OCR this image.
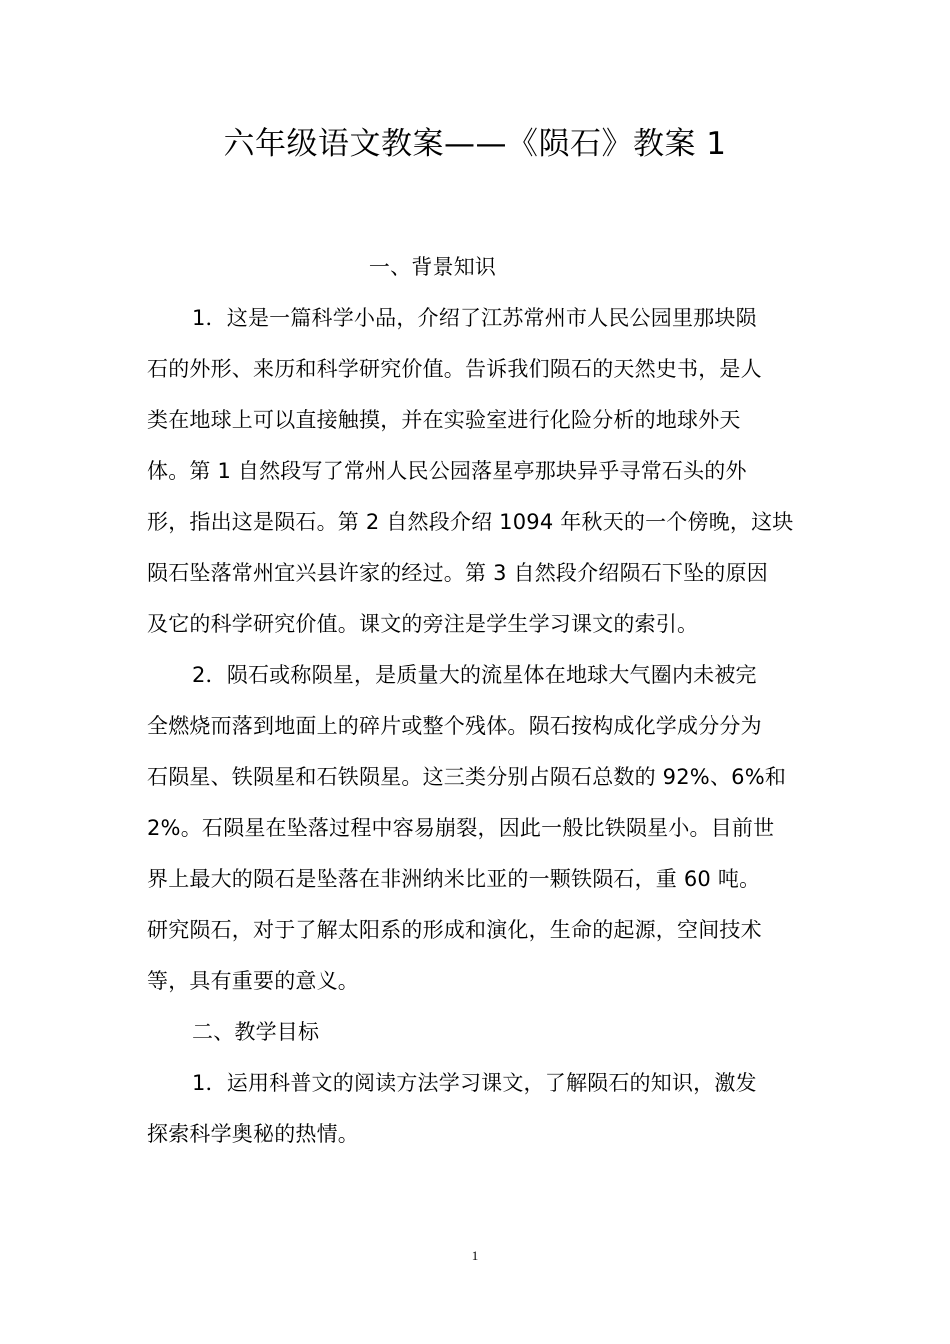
六年级语文教案——《陨石》教案 1
一、背景知识
1．这是一篇科学小品，介绍了江苏常州市人民公园里那块陨
石的外形、来历和科学研究价值。告诉我们陨石的天然史书，是人
类在地球上可以直接触摸，并在实验室进行化险分析的地球外天
体。第 1 自然段写了常州人民公园落星亭那块异乎寻常石头的外
形，指出这是陨石。第 2 自然段介绍 1094 年秋天的一个傍晚，这块
陨石坠落常州宜兴县许家的经过。第 3 自然段介绍陨石下坠的原因
及它的科学研究价值。课文的旁注是学生学习课文的索引。
2．陨石或称陨星，是质量大的流星体在地球大气圈内未被完
全燃烧而落到地面上的碎片或整个残体。陨石按构成化学成分分为
石陨星、铁陨星和石铁陨星。这三类分别占陨石总数的 92%、6%和
2%。石陨星在坠落过程中容易崩裂，因此一般比铁陨星小。目前世
界上最大的陨石是坠落在非洲纳米比亚的一颗铁陨石，重 60 吨。
研究陨石，对于了解太阳系的形成和演化，生命的起源，空间技术
等，具有重要的意义。
二、教学目标
1．运用科普文的阅读方法学习课文，了解陨石的知识，激发
探索科学奥秘的热情。
1
